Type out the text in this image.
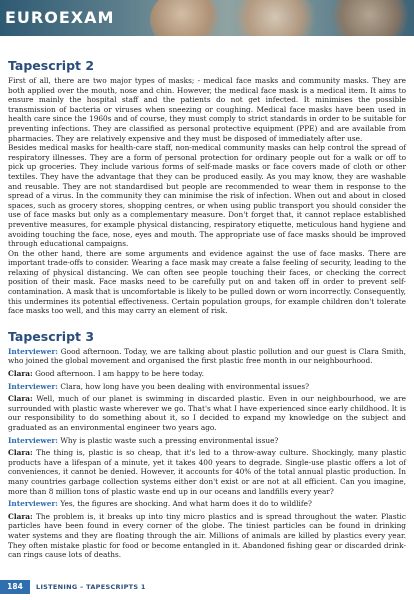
EUROEXAM
Tapescript 2

First of all, there are two major types of masks; - medical face masks and community masks. They are both applied over the mouth, nose and chin. However, the medical face mask is a medical item. It aims to ensure mainly the hospital staff and the patients do not get infected. It minimises the possible transmission of bacteria or viruses when sneezing or coughing. Medical face masks have been used in health care since the 1960s and of course, they must comply to strict standards in order to be suitable for preventing infections. They are classified as personal protective equipment (PPE) and are available from pharmacies. They are relatively expensive and they must be disposed of immediately after use.

Besides medical masks for health-care staff, non-medical community masks can help control the spread of respiratory illnesses. They are a form of personal protection for ordinary people out for a walk or off to pick up groceries. They include various forms of self-made masks or face covers made of cloth or other textiles. They have the advantage that they can be produced easily. As you may know, they are washable and reusable. They are not standardised but people are recommended to wear them in response to the spread of a virus. In the community they can minimise the risk of infection. When out and about in closed spaces, such as grocery stores, shopping centres, or when using public transport you should consider the use of face masks but only as a complementary measure. Don't forget that, it cannot replace established preventive measures, for example physical distancing, respiratory etiquette, meticulous hand hygiene and avoiding touching the face, nose, eyes and mouth. The appropriate use of face masks should be improved through educational campaigns.

On the other hand, there are some arguments and evidence against the use of face masks. There are important trade-offs to consider. Wearing a face mask may create a false feeling of security, leading to the relaxing of physical distancing. We can often see people touching their faces, or checking the correct position of their mask. Face masks need to be carefully put on and taken off in order to prevent self-contamination. A mask that is uncomfortable is likely to be pulled down or worn incorrectly. Consequently, this undermines its potential effectiveness. Certain population groups, for example children don't tolerate face masks too well, and this may carry an element of risk.

Tapescript 3

Interviewer: Good afternoon. Today, we are talking about plastic pollution and our guest is Clara Smith, who joined the global movement and organised the first plastic free month in our neighbourhood.

Clara: Good afternoon. I am happy to be here today.

Interviewer: Clara, how long have you been dealing with environmental issues?

Clara: Well, much of our planet is swimming in discarded plastic. Even in our neighbourhood, we are surrounded with plastic waste wherever we go. That's what I have experienced since early childhood. It is our responsibility to do something about it, so I decided to expand my knowledge on the subject and graduated as an environmental engineer two years ago.

Interviewer: Why is plastic waste such a pressing environmental issue?

Clara: The thing is, plastic is so cheap, that it's led to a throw-away culture. Shockingly, many plastic products have a lifespan of a minute, yet it takes 400 years to degrade. Single-use plastic offers a lot of conveniences, it cannot be denied. However, it accounts for 40% of the total annual plastic production. In many countries garbage collection systems either don't exist or are not at all efficient. Can you imagine, more than 8 million tons of plastic waste end up in our oceans and landfills every year?

Interviewer: Yes, the figures are shocking. And what harm does it do to wildlife?

Clara: The problem is, it breaks up into tiny micro plastics and is spread throughout the water. Plastic particles have been found in every corner of the globe. The tiniest particles can be found in drinking water systems and they are floating through the air. Millions of animals are killed by plastics every year. They often mistake plastic for food or become entangled in it. Abandoned fishing gear or discarded drink-can rings cause lots of deaths.

184	LISTENING – TAPESCRIPTS 1
